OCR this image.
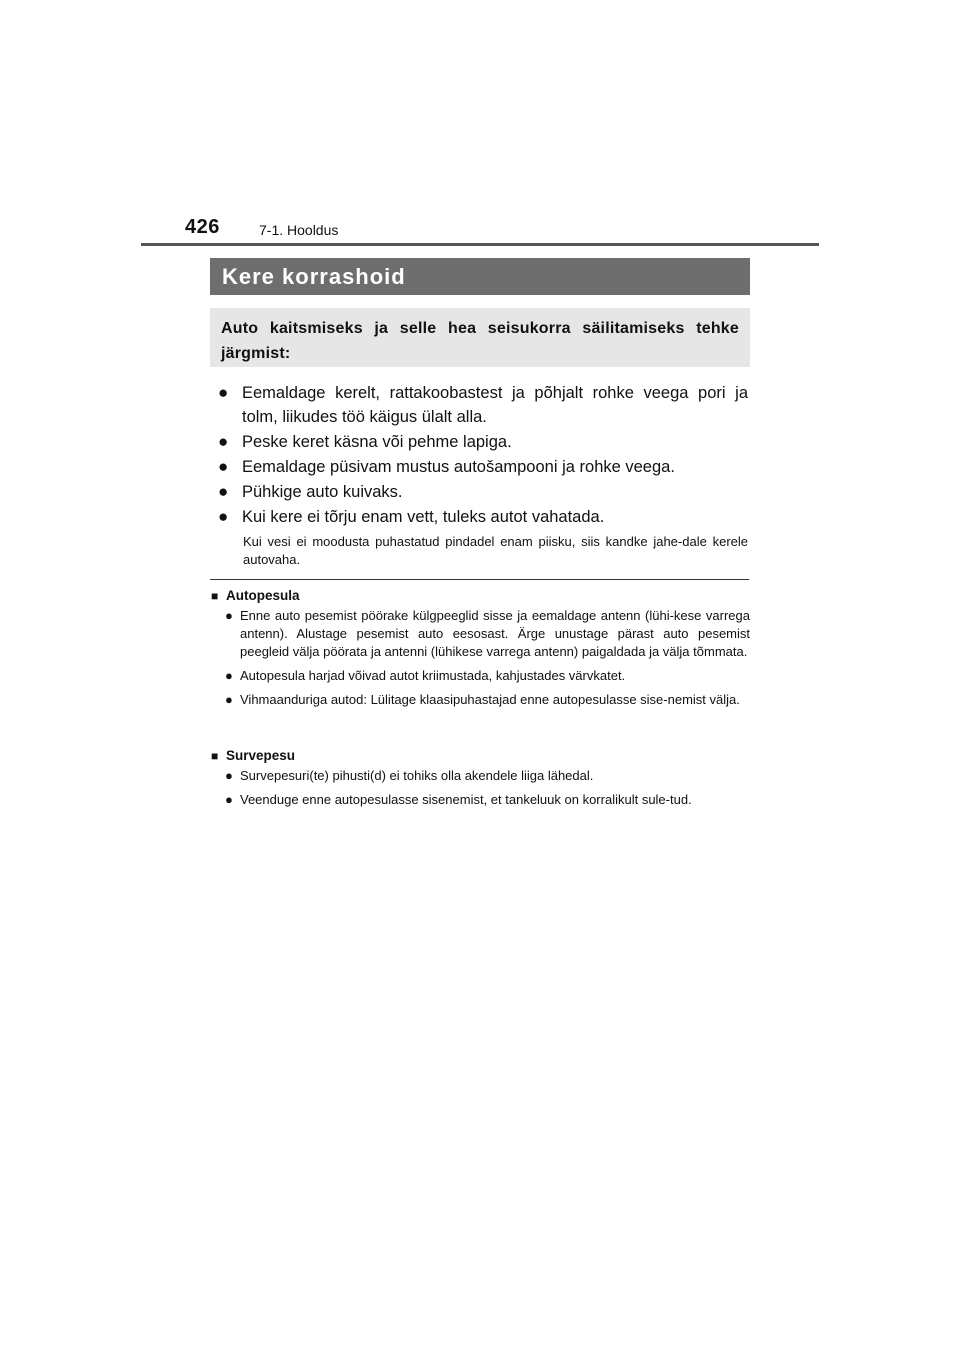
426	7-1. Hooldus
Kere korrashoid
Auto kaitsmiseks ja selle hea seisukorra säilitamiseks tehke järgmist:
● Eemaldage kerelt, rattakoobastest ja põhjalt rohke veega pori ja tolm, liikudes töö käigus ülalt alla.
● Peske keret käsna või pehme lapiga.
● Eemaldage püsivam mustus autošampooni ja rohke veega.
● Pühkige auto kuivaks.
● Kui kere ei tõrju enam vett, tuleks autot vahatada.
Kui vesi ei moodusta puhastatud pindadel enam piisku, siis kandke jahe-dale kerele autovaha.
■ Autopesula
● Enne auto pesemist pöörake külgpeeglid sisse ja eemaldage antenn (lühi-kese varrega antenn). Alustage pesemist auto eesosast. Ärge unustage pärast auto pesemist peegleid välja pöörata ja antenni (lühikese varrega antenn) paigaldada ja välja tõmmata.
● Autopesula harjad võivad autot kriimustada, kahjustades värvkatet.
● Vihmaanduriga autod: Lülitage klaasipuhastajad enne autopesulasse sise-nemist välja.
■ Survepesu
● Survepesuri(te) pihusti(d) ei tohiks olla akendele liiga lähedal.
● Veenduge enne autopesulasse sisenemist, et tankeluuk on korralikult sule-tud.
